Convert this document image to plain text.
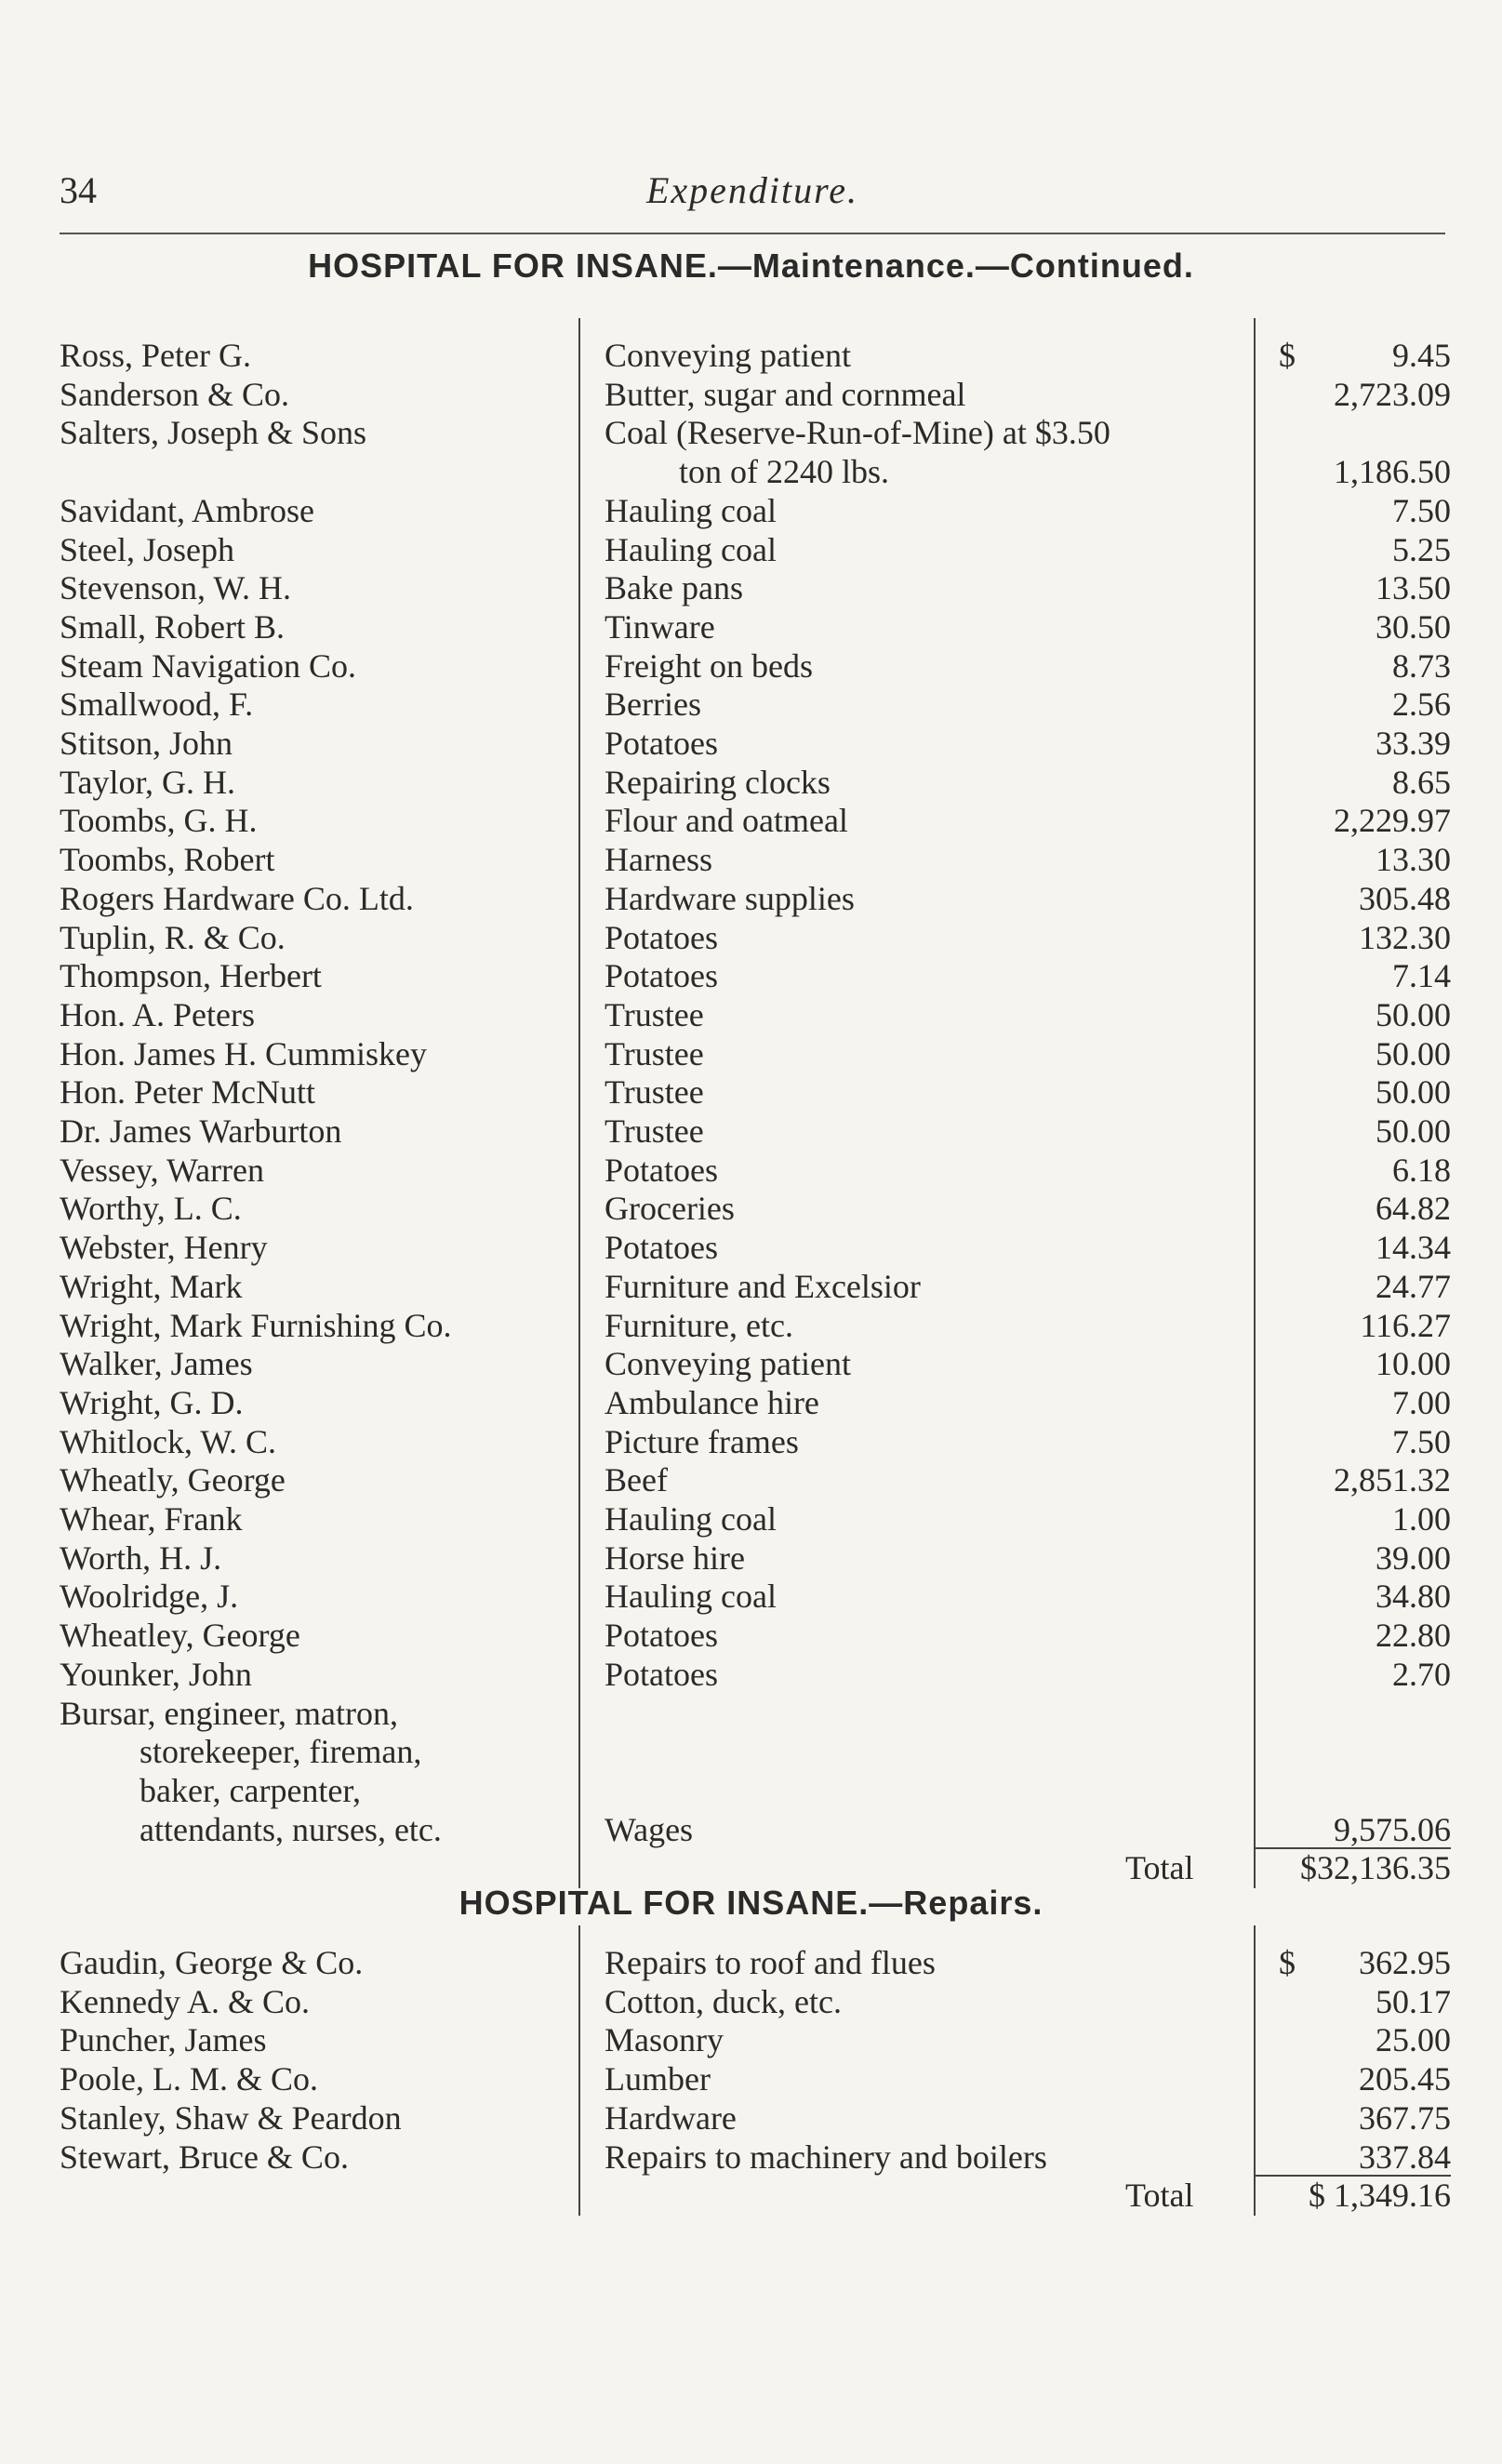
34	Expenditure.
HOSPITAL FOR INSANE.—Maintenance.—Continued.
Ross, Peter G.	Conveying patient	9.45
$
Sanderson & Co.	Butter, sugar and cornmeal	2,723.09
Salters, Joseph & Sons	Coal (Reserve-Run-of-Mine) at $3.50
ton of 2240 lbs.	1,186.50
Savidant, Ambrose	Hauling coal	7.50
Steel, Joseph	Hauling coal	5.25
Stevenson, W. H.	Bake pans	13.50
Small, Robert B.	Tinware	30.50
Steam Navigation Co.	Freight on beds	8.73
Smallwood, F.	Berries	2.56
Stitson, John	Potatoes	33.39
Taylor, G. H.	Repairing clocks	8.65
Toombs, G. H.	Flour and oatmeal	2,229.97
Toombs, Robert	Harness	13.30
Rogers Hardware Co. Ltd.	Hardware supplies	305.48
Tuplin, R. & Co.	Potatoes	132.30
Thompson, Herbert	Potatoes	7.14
Hon. A. Peters	Trustee	50.00
Hon. James H. Cummiskey	Trustee	50.00
Hon. Peter McNutt	Trustee	50.00
Dr. James Warburton	Trustee	50.00
Vessey, Warren	Potatoes	6.18
Worthy, L. C.	Groceries	64.82
Webster, Henry	Potatoes	14.34
Wright, Mark	Furniture and Excelsior	24.77
Wright, Mark Furnishing Co.	Furniture, etc.	116.27
Walker, James	Conveying patient	10.00
Wright, G. D.	Ambulance hire	7.00
Whitlock, W. C.	Picture frames	7.50
Wheatly, George	Beef	2,851.32
Whear, Frank	Hauling coal	1.00
Worth, H. J.	Horse hire	39.00
Woolridge, J.	Hauling coal	34.80
Wheatley, George	Potatoes	22.80
Younker, John	Potatoes	2.70
Bursar, engineer, matron,
storekeeper, fireman,
baker, carpenter,
attendants, nurses, etc.	Wages	9,575.06
Total	$32,136.35
HOSPITAL FOR INSANE.—Repairs.
Gaudin, George & Co.	Repairs to roof and flues	362.95
$
Kennedy A. & Co.	Cotton, duck, etc.	50.17
Puncher, James	Masonry	25.00
Poole, L. M. & Co.	Lumber	205.45
Stanley, Shaw & Peardon	Hardware	367.75
Stewart, Bruce & Co.	Repairs to machinery and boilers	337.84
Total	$ 1,349.16
